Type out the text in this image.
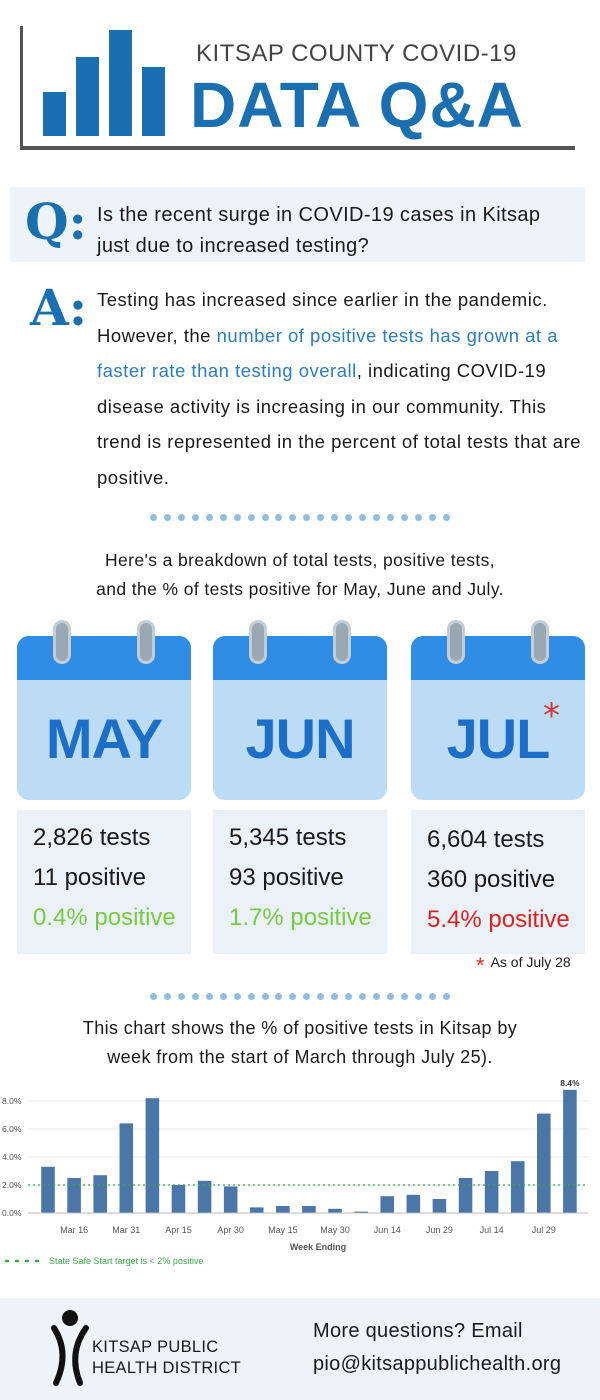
KITSAP COUNTY COVID-19
DATA Q&A
Q: Is the recent surge in COVID-19 cases in Kitsap just due to increased testing?
A: Testing has increased since earlier in the pandemic. However, the number of positive tests has grown at a faster rate than testing overall, indicating COVID-19 disease activity is increasing in our community. This trend is represented in the percent of total tests that are positive.
Here's a breakdown of total tests, positive tests,
and the % of tests positive for May, June and July.
MAY
2,826 tests
11 positive
0.4% positive
JUN
5,345 tests
93 positive
1.7% positive
JUL
*
6,604 tests
360 positive
5.4% positive
* As of July 28
This chart shows the % of positive tests in Kitsap by
week from the start of March through July 25).
8.0%
6.0%
4.0%
2.0%
0.0%
8.4%
Mar 16	Mar 31	Apr 15	Apr 30	May 15	May 30	Jun 14	Jun 29	Jul 14	Jul 29
Week Ending
State Safe Start target is < 2% positive
KITSAP PUBLIC
HEALTH DISTRICT
More questions? Email
pio@kitsappublichealth.org
